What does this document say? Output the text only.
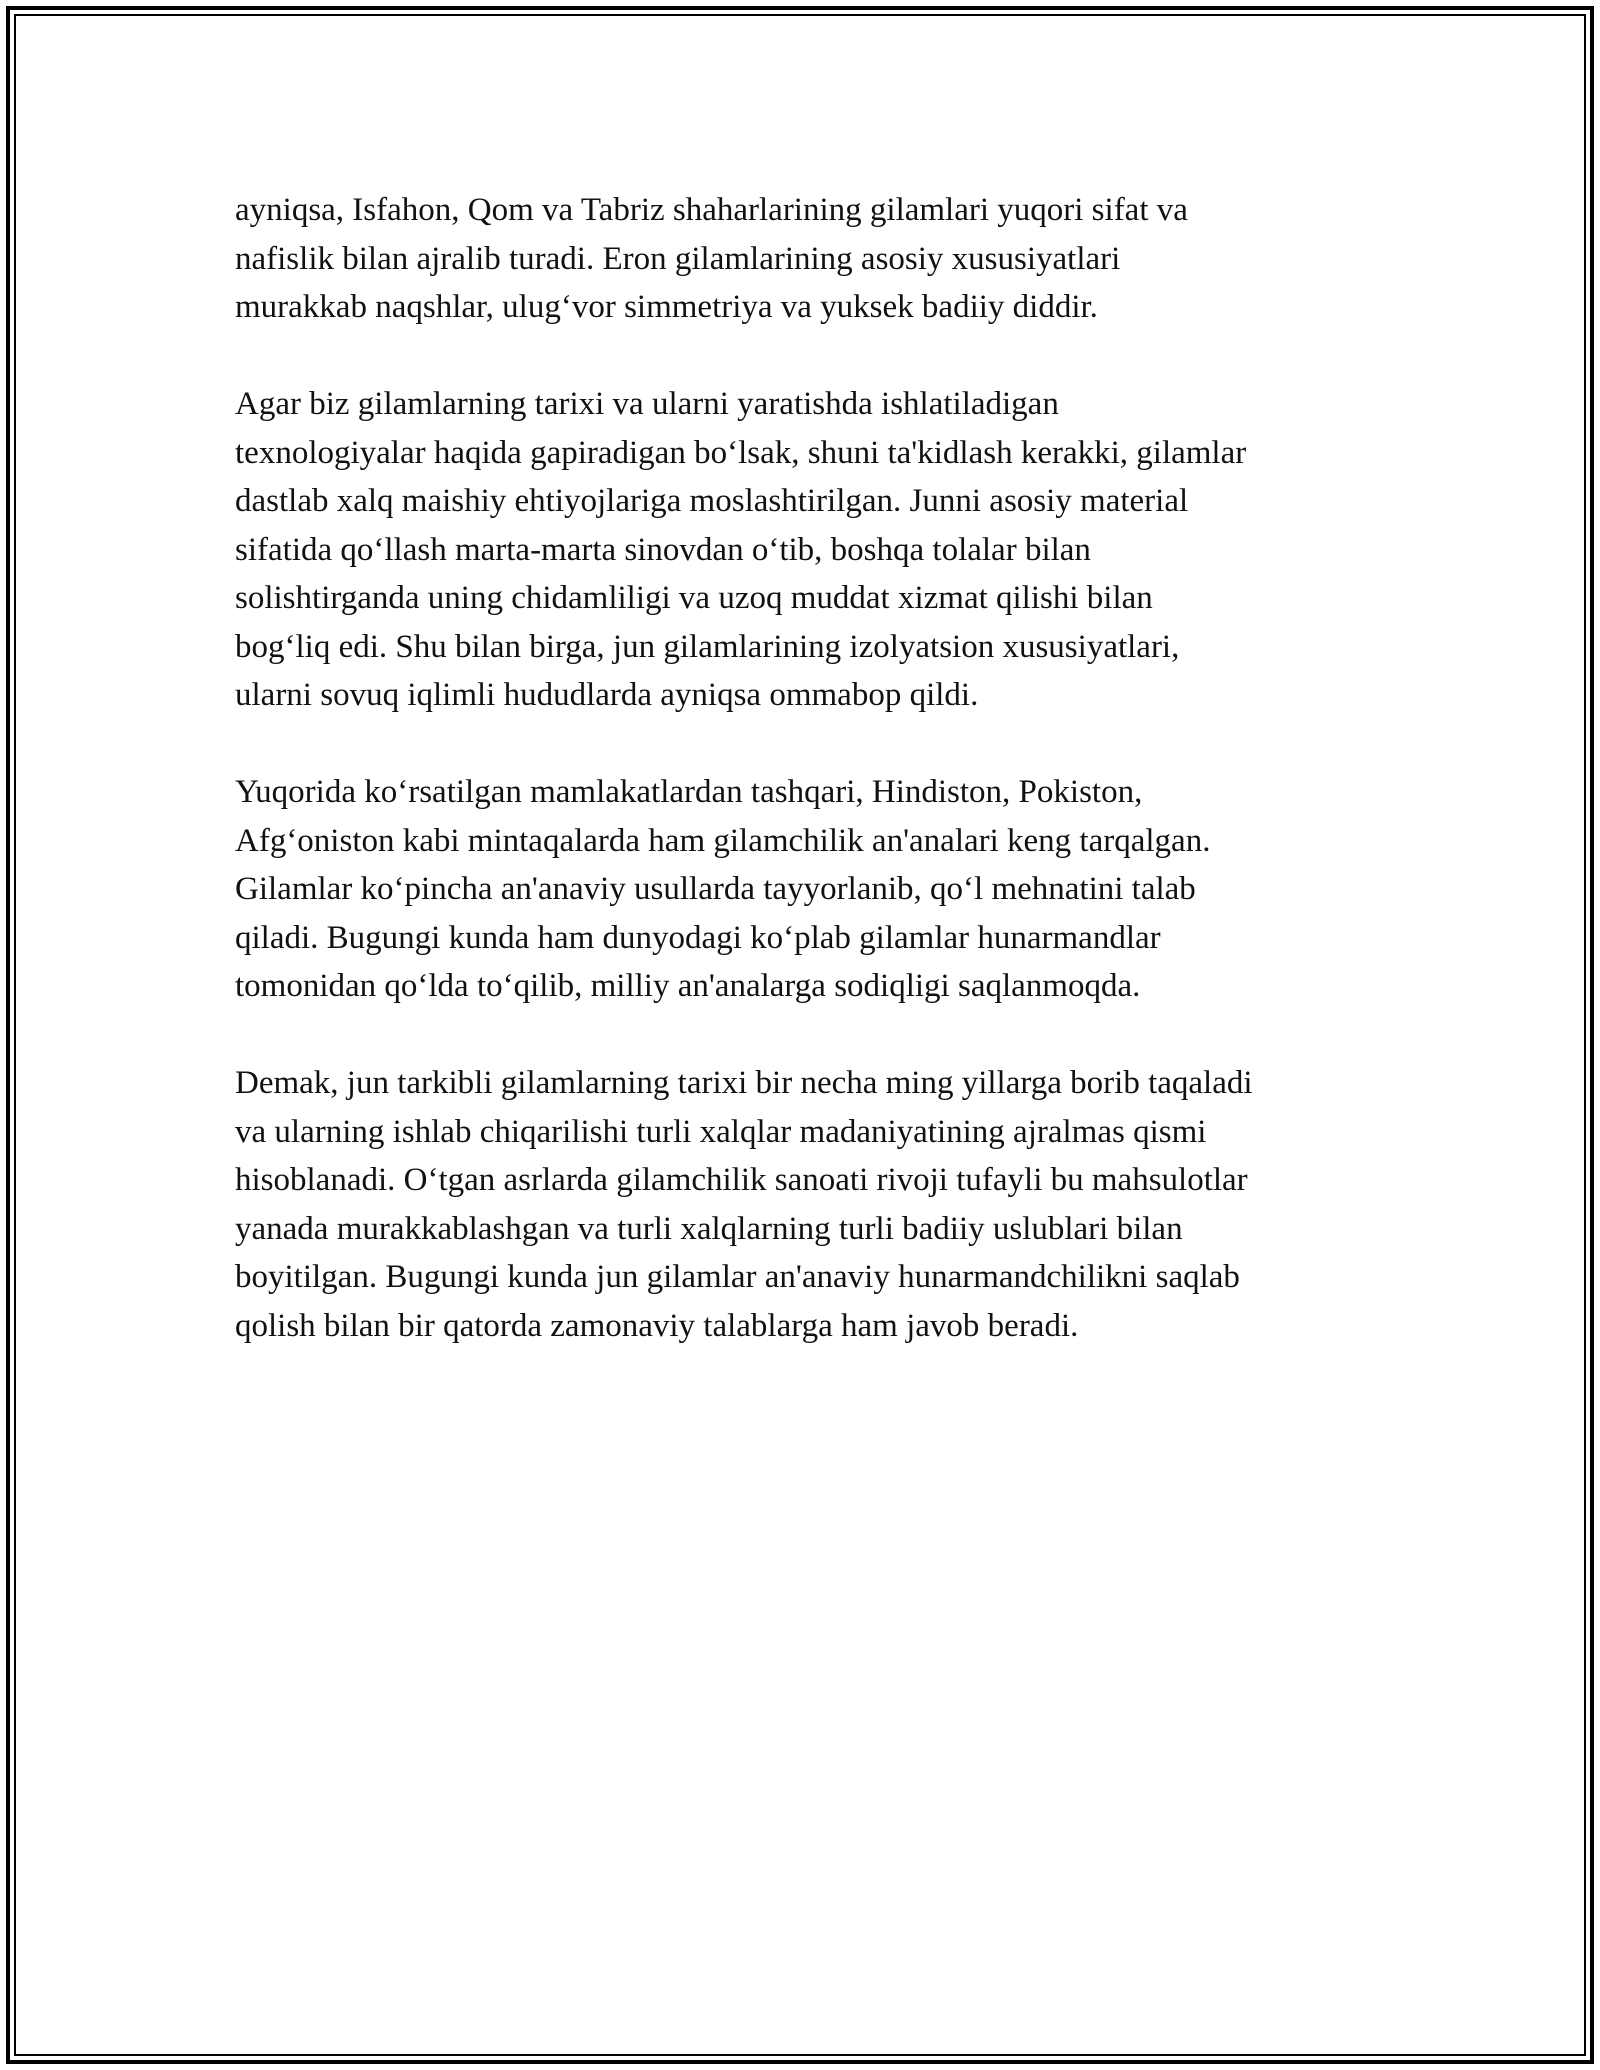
ayniqsa, Isfahon, Qom va Tabriz shaharlarining gilamlari yuqori sifat va
nafislik bilan ajralib turadi. Eron gilamlarining asosiy xususiyatlari
murakkab naqshlar, ulug‘vor simmetriya va yuksek badiiy diddir.

Agar biz gilamlarning tarixi va ularni yaratishda ishlatiladigan
texnologiyalar haqida gapiradigan bo‘lsak, shuni ta'kidlash kerakki, gilamlar
dastlab xalq maishiy ehtiyojlariga moslashtirilgan. Junni asosiy material
sifatida qo‘llash marta-marta sinovdan o‘tib, boshqa tolalar bilan
solishtirganda uning chidamliligi va uzoq muddat xizmat qilishi bilan
bog‘liq edi. Shu bilan birga, jun gilamlarining izolyatsion xususiyatlari,
ularni sovuq iqlimli hududlarda ayniqsa ommabop qildi.

Yuqorida ko‘rsatilgan mamlakatlardan tashqari, Hindiston, Pokiston,
Afg‘oniston kabi mintaqalarda ham gilamchilik an'analari keng tarqalgan.
Gilamlar ko‘pincha an'anaviy usullarda tayyorlanib, qo‘l mehnatini talab
qiladi. Bugungi kunda ham dunyodagi ko‘plab gilamlar hunarmandlar
tomonidan qo‘lda to‘qilib, milliy an'analarga sodiqligi saqlanmoqda.

Demak, jun tarkibli gilamlarning tarixi bir necha ming yillarga borib taqaladi
va ularning ishlab chiqarilishi turli xalqlar madaniyatining ajralmas qismi
hisoblanadi. O‘tgan asrlarda gilamchilik sanoati rivoji tufayli bu mahsulotlar
yanada murakkablashgan va turli xalqlarning turli badiiy uslublari bilan
boyitilgan. Bugungi kunda jun gilamlar an'anaviy hunarmandchilikni saqlab
qolish bilan bir qatorda zamonaviy talablarga ham javob beradi.
